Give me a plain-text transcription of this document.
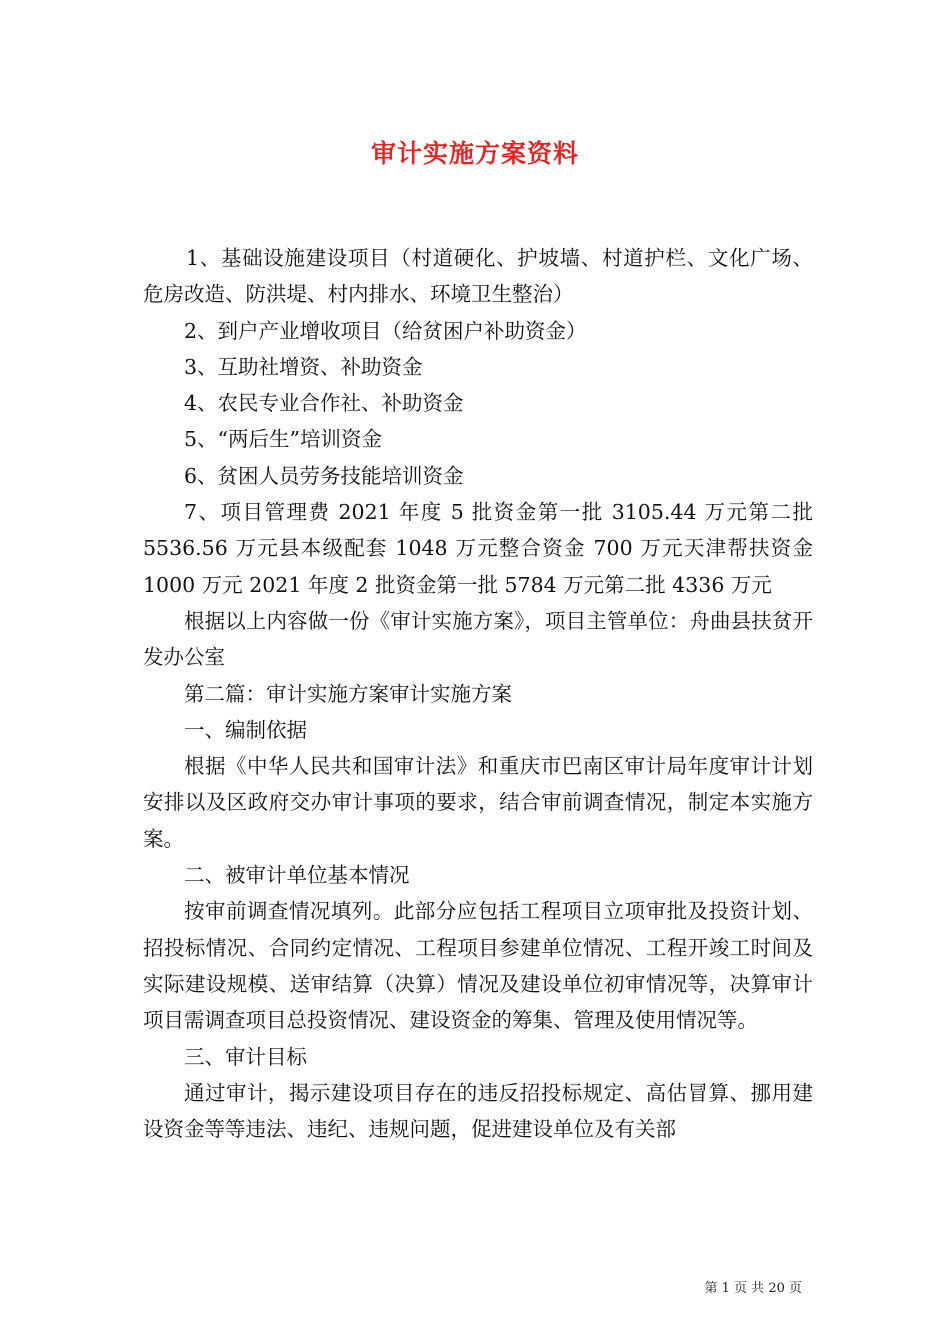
审计实施方案资料

1、基础设施建设项目（村道硬化、护坡墙、村道护栏、文化广场、危房改造、防洪堤、村内排水、环境卫生整治）

2、到户产业增收项目（给贫困户补助资金）

3、互助社增资、补助资金

4、农民专业合作社、补助资金

5、“两后生”培训资金

6、贫困人员劳务技能培训资金

7、项目管理费 2021 年度 5 批资金第一批 3105.44 万元第二批 5536.56 万元县本级配套 1048 万元整合资金 700 万元天津帮扶资金 1000 万元 2021 年度 2 批资金第一批 5784 万元第二批 4336 万元

根据以上内容做一份《审计实施方案》，项目主管单位：舟曲县扶贫开发办公室

第二篇：审计实施方案审计实施方案

一、编制依据

根据《中华人民共和国审计法》和重庆市巴南区审计局年度审计计划安排以及区政府交办审计事项的要求，结合审前调查情况，制定本实施方案。

二、被审计单位基本情况

按审前调查情况填列。此部分应包括工程项目立项审批及投资计划、招投标情况、合同约定情况、工程项目参建单位情况、工程开竣工时间及实际建设规模、送审结算（决算）情况及建设单位初审情况等，决算审计项目需调查项目总投资情况、建设资金的筹集、管理及使用情况等。

三、审计目标

通过审计，揭示建设项目存在的违反招投标规定、高估冒算、挪用建设资金等等违法、违纪、违规问题，促进建设单位及有关部

第 1 页 共 20 页
